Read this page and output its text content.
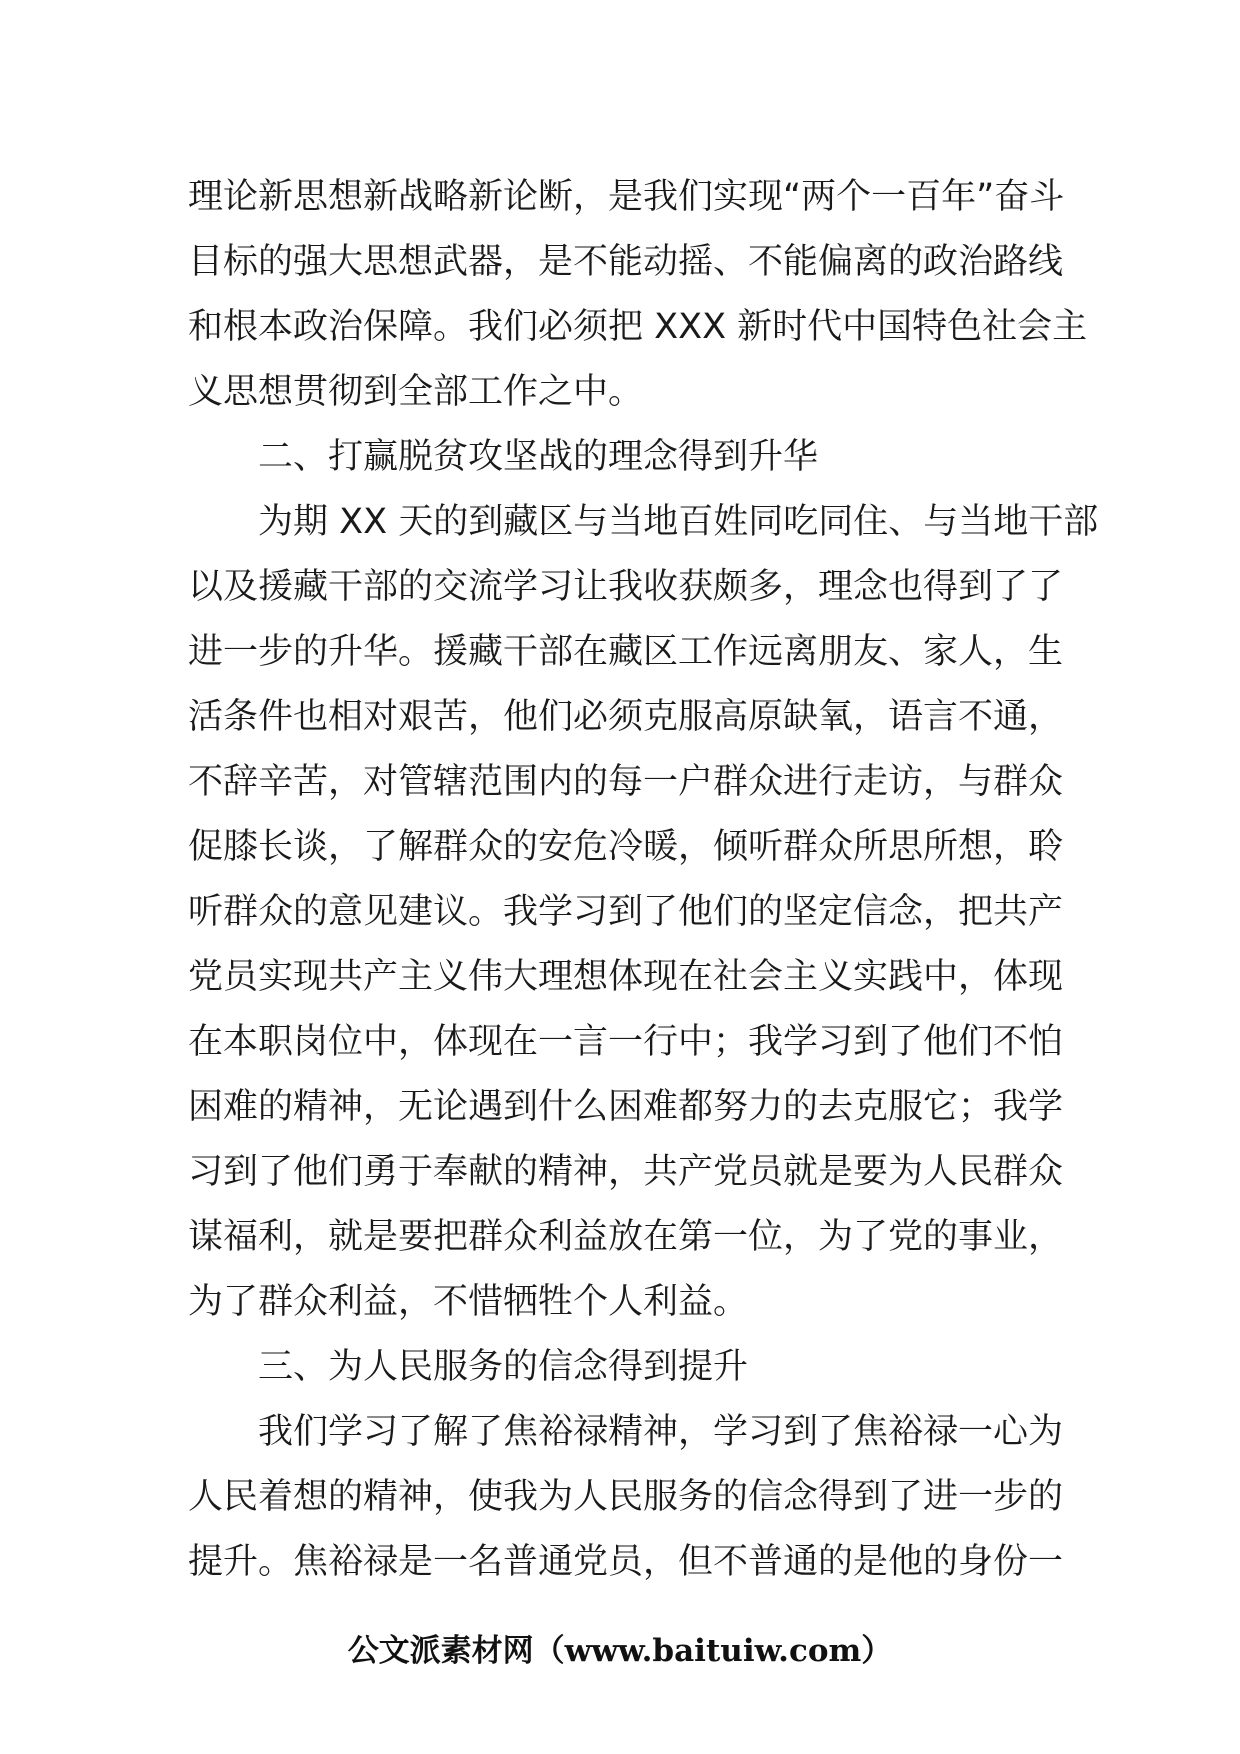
理论新思想新战略新论断，是我们实现“两个一百年”奋斗
目标的强大思想武器，是不能动摇、不能偏离的政治路线
和根本政治保障。我们必须把 XXX 新时代中国特色社会主
义思想贯彻到全部工作之中。
二、打赢脱贫攻坚战的理念得到升华
为期 XX 天的到藏区与当地百姓同吃同住、与当地干部
以及援藏干部的交流学习让我收获颇多，理念也得到了了
进一步的升华。援藏干部在藏区工作远离朋友、家人，生
活条件也相对艰苦，他们必须克服高原缺氧，语言不通，
不辞辛苦，对管辖范围内的每一户群众进行走访，与群众
促膝长谈，了解群众的安危冷暖，倾听群众所思所想，聆
听群众的意见建议。我学习到了他们的坚定信念，把共产
党员实现共产主义伟大理想体现在社会主义实践中，体现
在本职岗位中，体现在一言一行中；我学习到了他们不怕
困难的精神，无论遇到什么困难都努力的去克服它；我学
习到了他们勇于奉献的精神，共产党员就是要为人民群众
谋福利，就是要把群众利益放在第一位，为了党的事业，
为了群众利益，不惜牺牲个人利益。
三、为人民服务的信念得到提升
我们学习了解了焦裕禄精神，学习到了焦裕禄一心为
人民着想的精神，使我为人民服务的信念得到了进一步的
提升。焦裕禄是一名普通党员，但不普通的是他的身份一
公文派素材网（www.baituiw.com）
